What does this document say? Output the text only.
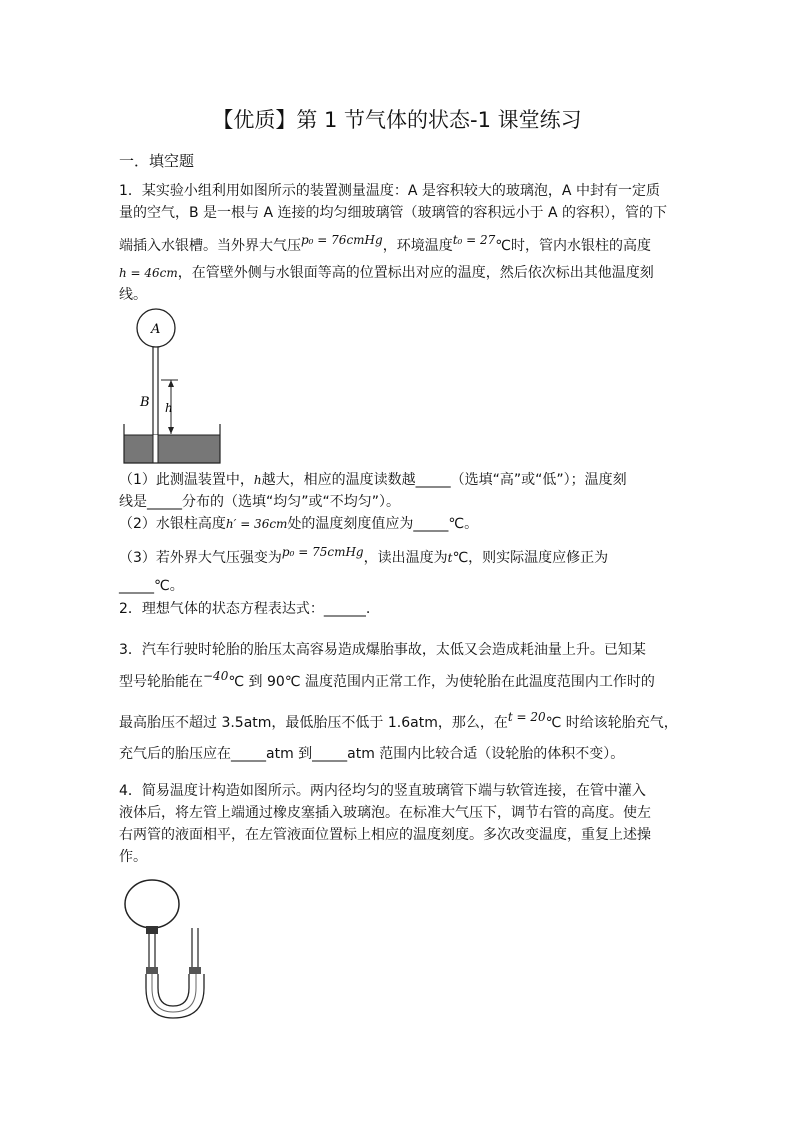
【优质】第 1 节气体的状态-1 课堂练习
一．填空题
1．某实验小组利用如图所示的装置测量温度：A 是容积较大的玻璃泡，A 中封有一定质
量的空气，B 是一根与 A 连接的均匀细玻璃管（玻璃管的容积远小于 A 的容积），管的下
端插入水银槽。当外界大气压p₀ = 76cmHg，环境温度t₀ = 27℃时，管内水银柱的高度
h = 46cm，在管壁外侧与水银面等高的位置标出对应的温度，然后依次标出其他温度刻
线。
A
B h
（1）此测温装置中，h越大，相应的温度读数越_____（选填“高”或“低”）；温度刻
线是_____分布的（选填“均匀”或“不均匀”）。
（2）水银柱高度h′ = 36cm处的温度刻度值应为_____℃。
（3）若外界大气压强变为p₀ = 75cmHg，读出温度为t℃，则实际温度应修正为
_____℃。
2．理想气体的状态方程表达式：______.
3．汽车行驶时轮胎的胎压太高容易造成爆胎事故，太低又会造成耗油量上升。已知某
型号轮胎能在−40℃ 到 90℃ 温度范围内正常工作，为使轮胎在此温度范围内工作时的
最高胎压不超过 3.5atm，最低胎压不低于 1.6atm，那么，在t = 20℃ 时给该轮胎充气，
充气后的胎压应在_____atm 到_____atm 范围内比较合适（设轮胎的体积不变）。
4．简易温度计构造如图所示。两内径均匀的竖直玻璃管下端与软管连接，在管中灌入
液体后，将左管上端通过橡皮塞插入玻璃泡。在标准大气压下，调节右管的高度。使左
右两管的液面相平，在左管液面位置标上相应的温度刻度。多次改变温度，重复上述操
作。
